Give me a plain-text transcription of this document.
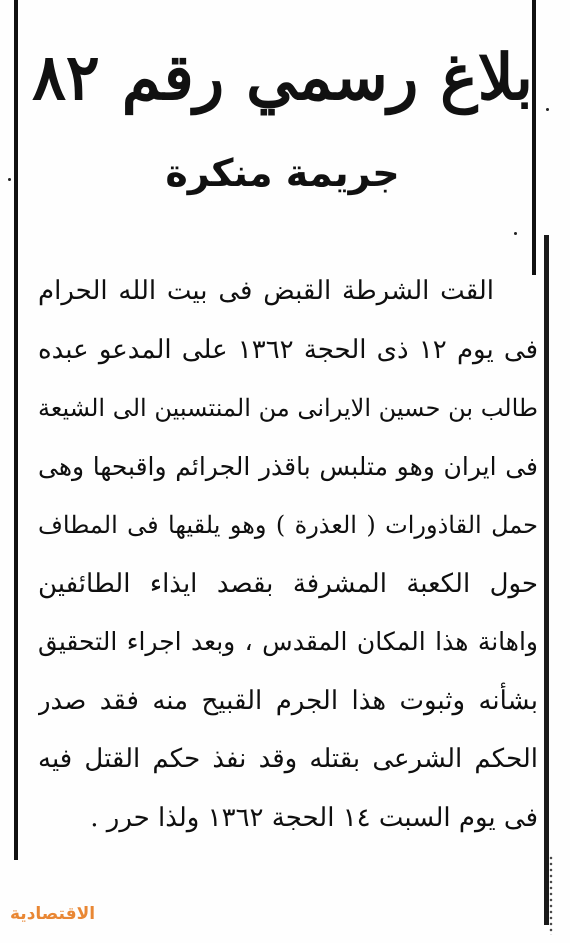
بلاغ رسمي رقم ٨٢
جريمة منكرة
القت الشرطة القبض فى بيت الله الحرام
فى يوم ١٢ ذى الحجة ١٣٦٢ على المدعو عبده
طالب بن حسين الايرانى من المنتسبين الى الشيعة
فى ايران وهو متلبس باقذر الجرائم واقبحها وهى
حمل القاذورات ( العذرة ) وهو يلقيها فى المطاف
حول الكعبة المشرفة بقصد ايذاء الطائفين
واهانة هذا المكان المقدس ، وبعد اجراء التحقيق
بشأنه وثبوت هذا الجرم القبيح منه فقد صدر
الحكم الشرعى بقتله وقد نفذ حكم القتل فيه
فى يوم السبت ١٤ الحجة ١٣٦٢ ولذا حرر .
الاقتصادية
